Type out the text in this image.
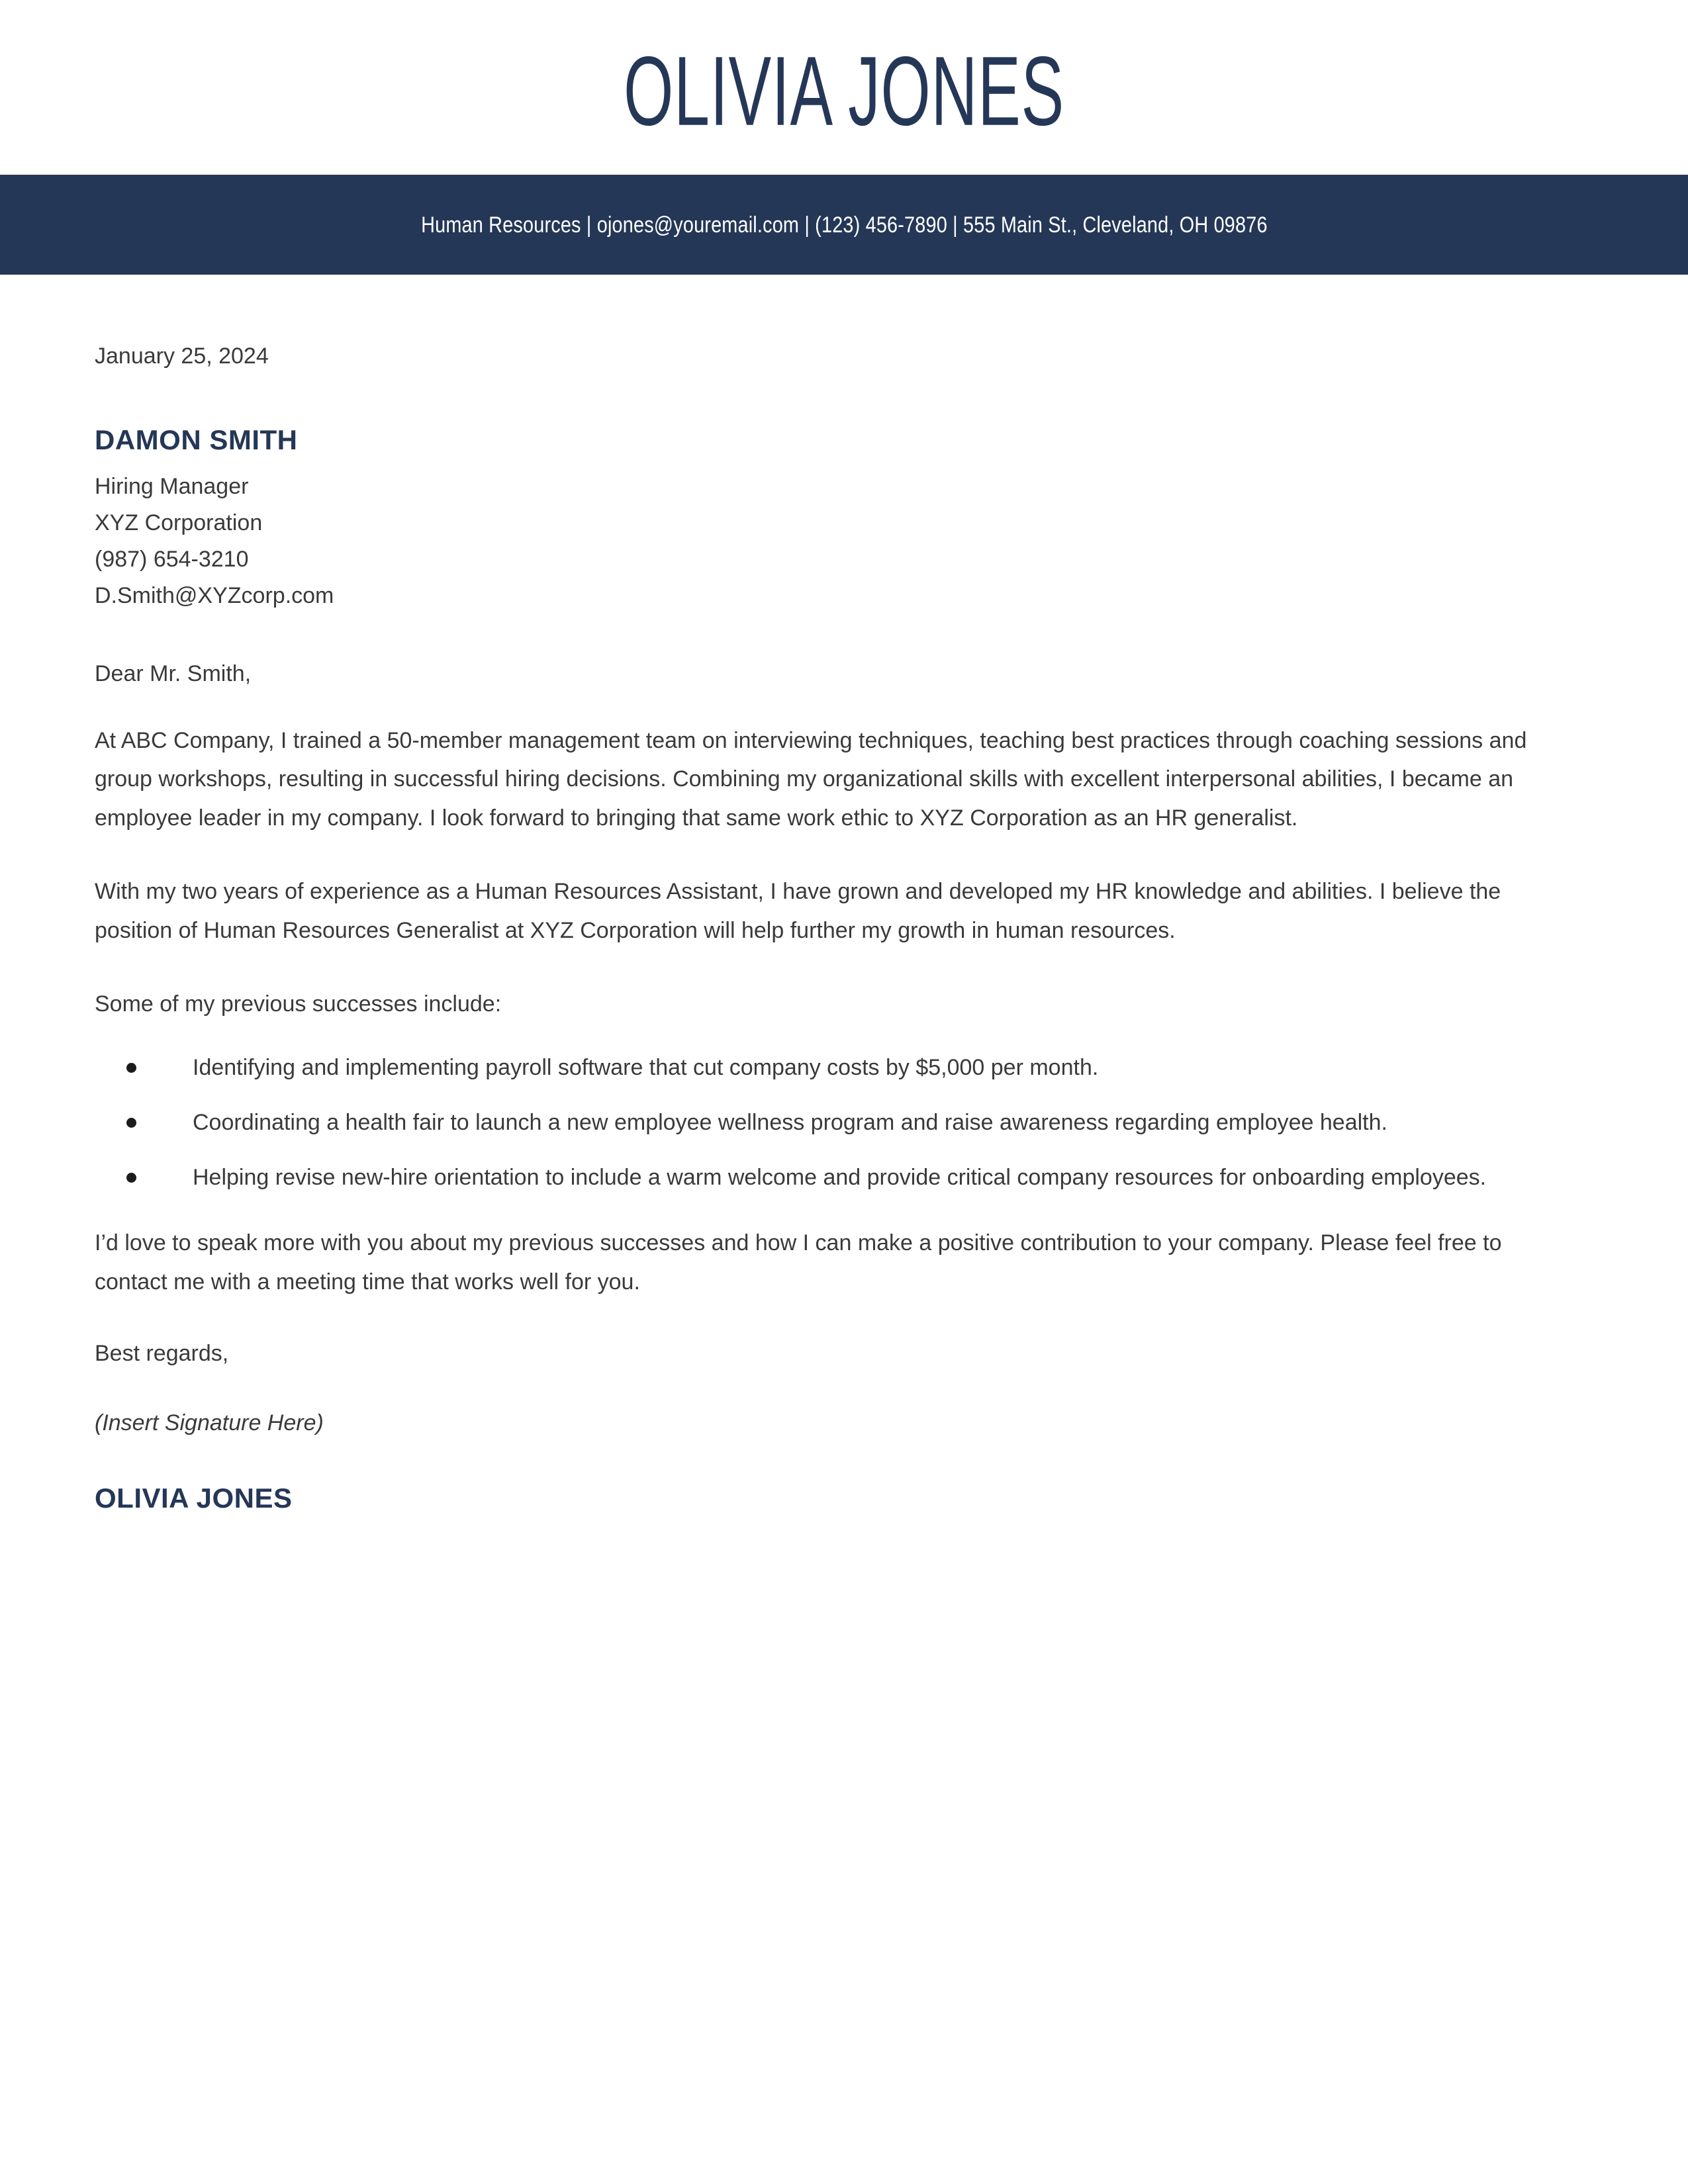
OLIVIA JONES
Human Resources | ojones@youremail.com | (123) 456-7890 | 555 Main St., Cleveland, OH 09876
January 25, 2024
DAMON SMITH
Hiring Manager
XYZ Corporation
(987) 654-3210
D.Smith@XYZcorp.com
Dear Mr. Smith,
At ABC Company, I trained a 50-member management team on interviewing techniques, teaching best practices through coaching sessions and group workshops, resulting in successful hiring decisions. Combining my organizational skills with excellent interpersonal abilities, I became an employee leader in my company. I look forward to bringing that same work ethic to XYZ Corporation as an HR generalist.
With my two years of experience as a Human Resources Assistant, I have grown and developed my HR knowledge and abilities. I believe the position of Human Resources Generalist at XYZ Corporation will help further my growth in human resources.
Some of my previous successes include:
Identifying and implementing payroll software that cut company costs by $5,000 per month.
Coordinating a health fair to launch a new employee wellness program and raise awareness regarding employee health.
Helping revise new-hire orientation to include a warm welcome and provide critical company resources for onboarding employees.
I’d love to speak more with you about my previous successes and how I can make a positive contribution to your company. Please feel free to contact me with a meeting time that works well for you.
Best regards,
(Insert Signature Here)
OLIVIA JONES
